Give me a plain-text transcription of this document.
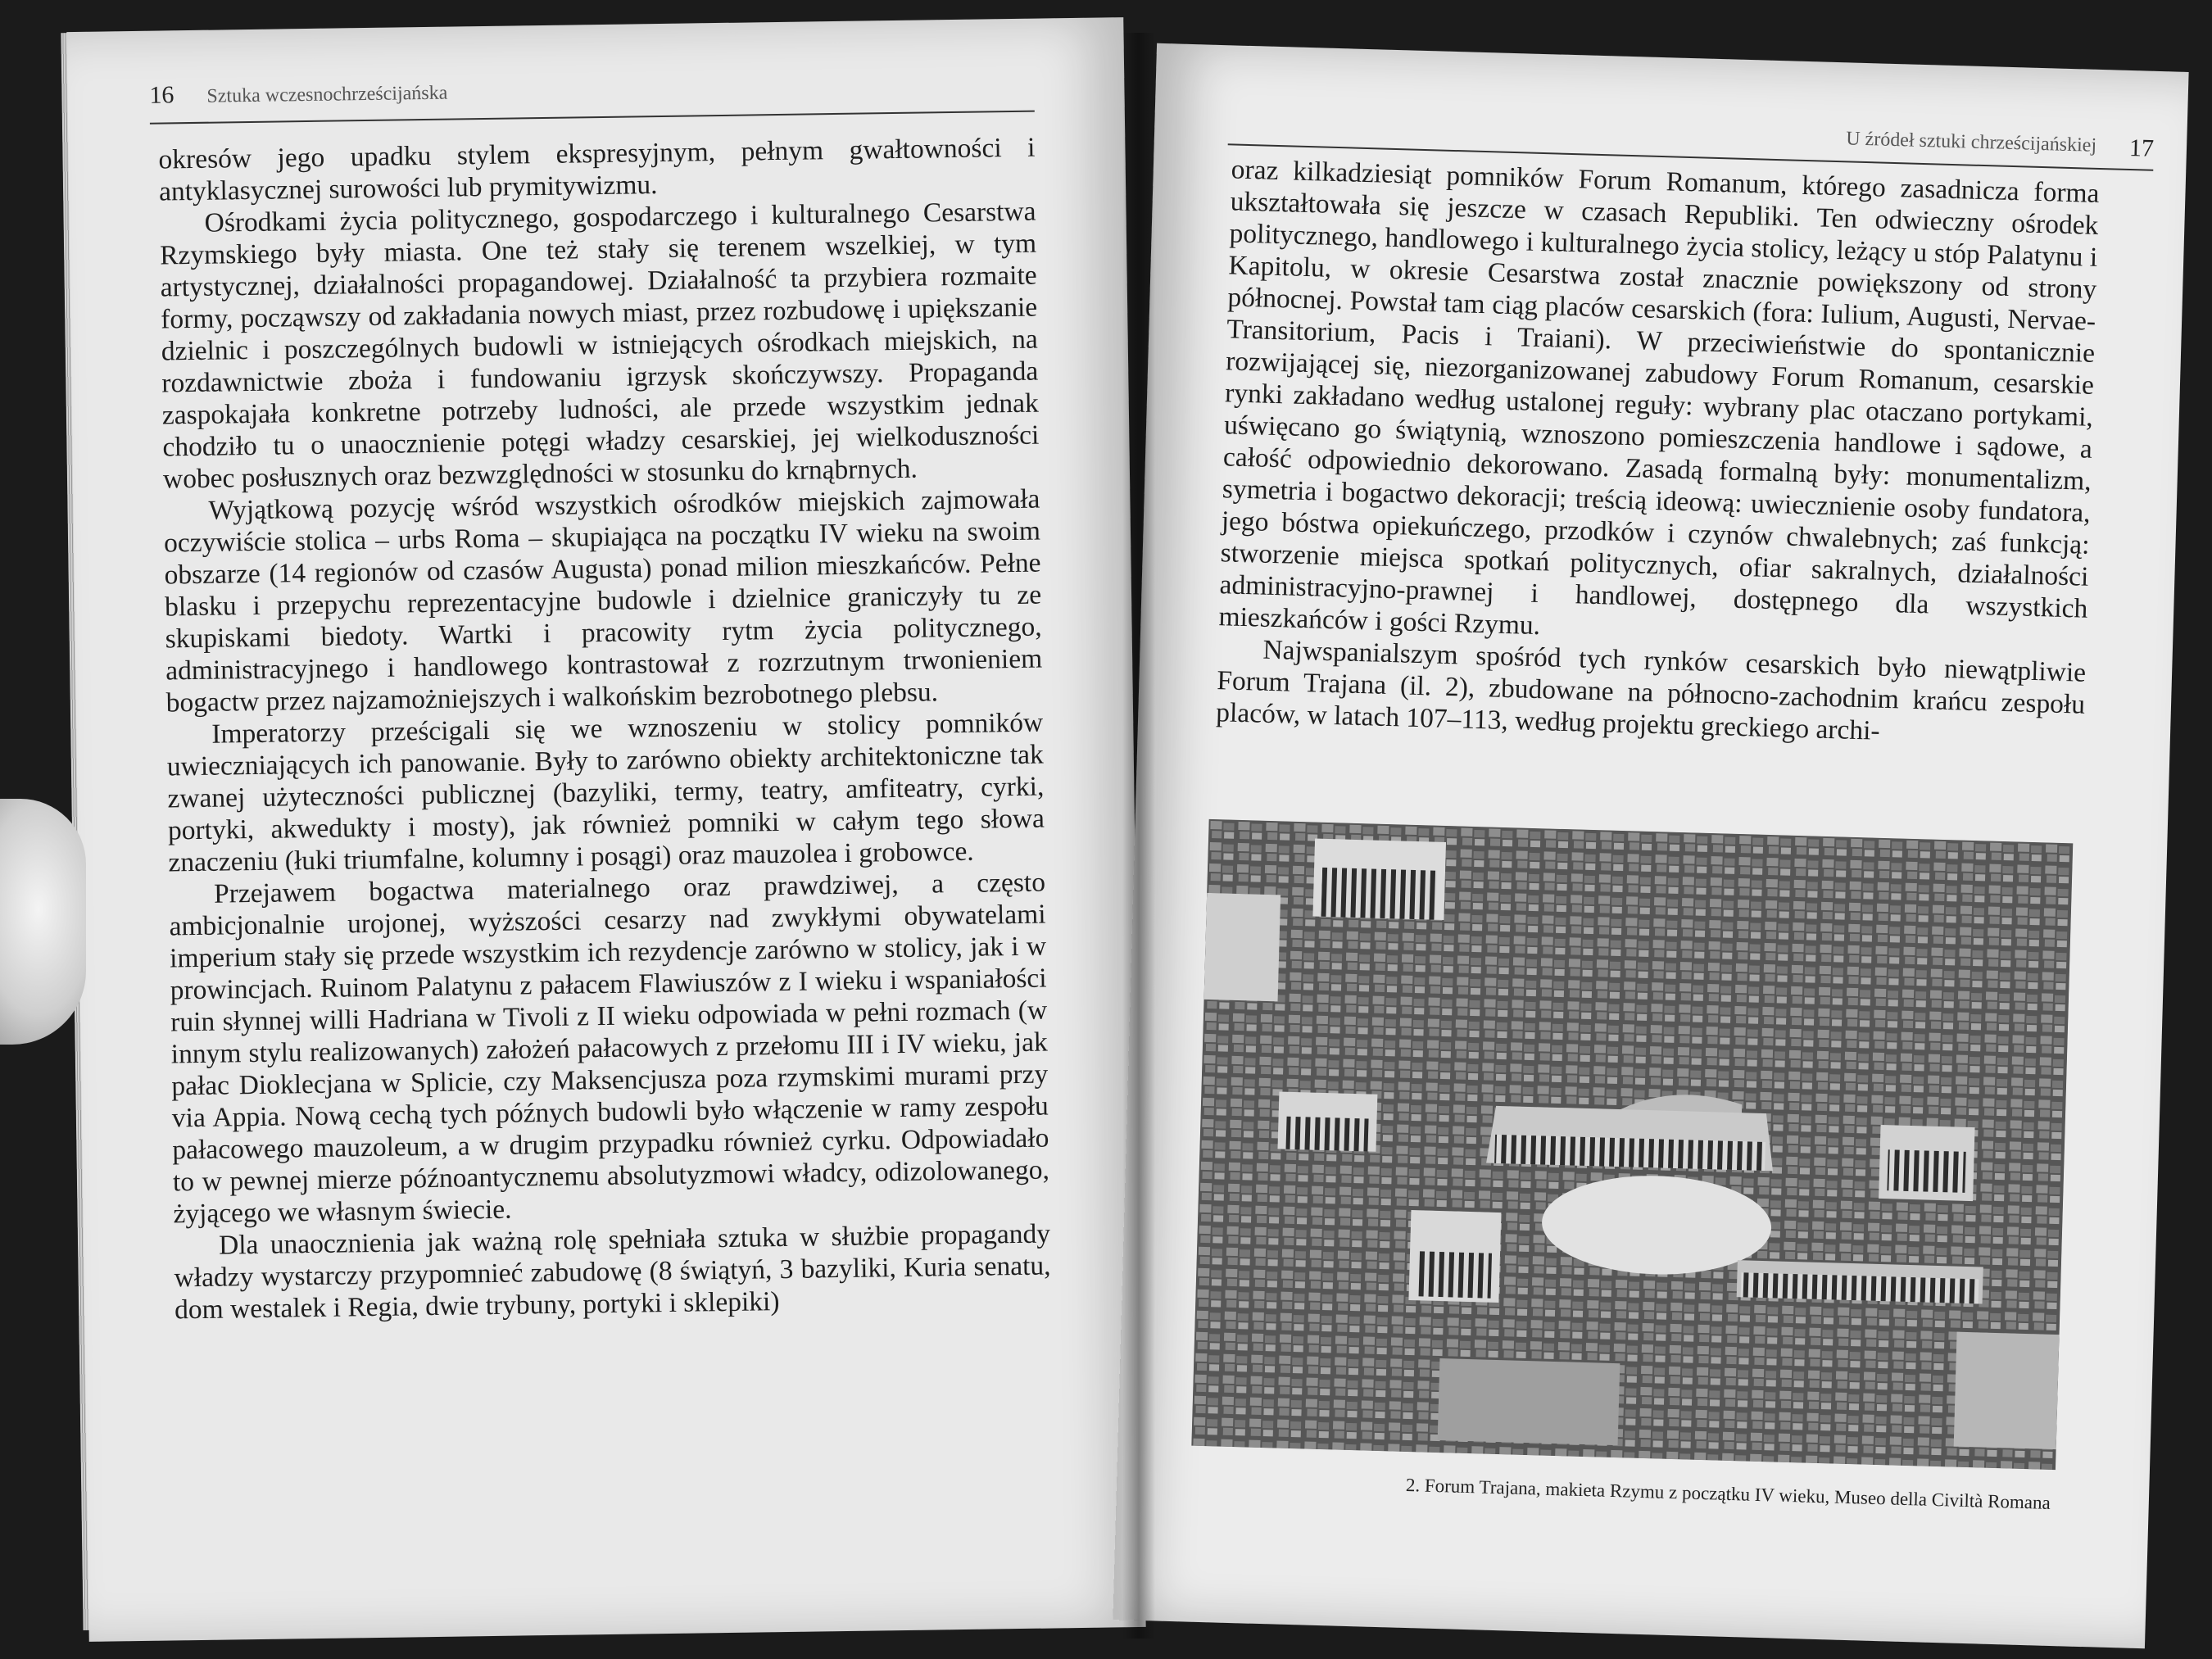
16 Sztuka wczesnochrześcijańska

okresów jego upadku stylem ekspresyjnym, pełnym gwałtowności i antyklasycznej surowości lub prymitywizmu.

Ośrodkami życia politycznego, gospodarczego i kulturalnego Cesarstwa Rzymskiego były miasta. One też stały się terenem wszelkiej, w tym artystycznej, działalności propagandowej. Działalność ta przybiera rozmaite formy, począwszy od zakładania nowych miast, przez rozbudowę i upiększanie dzielnic i poszczególnych budowli w istniejących ośrodkach miejskich, na rozdawnictwie zboża i fundowaniu igrzysk skończywszy. Propaganda zaspokajała konkretne potrzeby ludności, ale przede wszystkim jednak chodziło tu o unaocznienie potęgi władzy cesarskiej, jej wielkoduszności wobec posłusznych oraz bezwzględności w stosunku do krnąbrnych.

Wyjątkową pozycję wśród wszystkich ośrodków miejskich zajmowała oczywiście stolica – urbs Roma – skupiająca na początku IV wieku na swoim obszarze (14 regionów od czasów Augusta) ponad milion mieszkańców. Pełne blasku i przepychu reprezentacyjne budowle i dzielnice graniczyły tu ze skupiskami biedoty. Wartki i pracowity rytm życia politycznego, administracyjnego i handlowego kontrastował z rozrzutnym trwonieniem bogactw przez najzamożniejszych i walkońskim bezrobotnego plebsu.

Imperatorzy prześcigali się we wznoszeniu w stolicy pomników uwieczniających ich panowanie. Były to zarówno obiekty architektoniczne tak zwanej użyteczności publicznej (bazyliki, termy, teatry, amfiteatry, cyrki, portyki, akwedukty i mosty), jak również pomniki w całym tego słowa znaczeniu (łuki triumfalne, kolumny i posągi) oraz mauzolea i grobowce.

Przejawem bogactwa materialnego oraz prawdziwej, a często ambicjonalnie urojonej, wyższości cesarzy nad zwykłymi obywatelami imperium stały się przede wszystkim ich rezydencje zarówno w stolicy, jak i w prowincjach. Ruinom Palatynu z pałacem Flawiuszów z I wieku i wspaniałości ruin słynnej willi Hadriana w Tivoli z II wieku odpowiada w pełni rozmach (w innym stylu realizowanych) założeń pałacowych z przełomu III i IV wieku, jak pałac Dioklecjana w Splicie, czy Maksencjusza poza rzymskimi murami przy via Appia. Nową cechą tych późnych budowli było włączenie w ramy zespołu pałacowego mauzoleum, a w drugim przypadku również cyrku. Odpowiadało to w pewnej mierze późnoantycznemu absolutyzmowi władcy, odizolowanego, żyjącego we własnym świecie.

Dla unaocznienia jak ważną rolę spełniała sztuka w służbie propagandy władzy wystarczy przypomnieć zabudowę (8 świątyń, 3 bazyliki, Kuria senatu, dom westalek i Regia, dwie trybuny, portyki i sklepiki)

U źródeł sztuki chrześcijańskiej 17

oraz kilkadziesiąt pomników Forum Romanum, którego zasadnicza forma ukształtowała się jeszcze w czasach Republiki. Ten odwieczny ośrodek politycznego, handlowego i kulturalnego życia stolicy, leżący u stóp Palatynu i Kapitolu, w okresie Cesarstwa został znacznie powiększony od strony północnej. Powstał tam ciąg placów cesarskich (fora: Iulium, Augusti, Nervae-Transitorium, Pacis i Traiani). W przeciwieństwie do spontanicznie rozwijającej się, niezorganizowanej zabudowy Forum Romanum, cesarskie rynki zakładano według ustalonej reguły: wybrany plac otaczano portykami, uświęcano go świątynią, wznoszono pomieszczenia handlowe i sądowe, a całość odpowiednio dekorowano. Zasadą formalną były: monumentalizm, symetria i bogactwo dekoracji; treścią ideową: uwiecznienie osoby fundatora, jego bóstwa opiekuńczego, przodków i czynów chwalebnych; zaś funkcją: stworzenie miejsca spotkań politycznych, ofiar sakralnych, działalności administracyjno-prawnej i handlowej, dostępnego dla wszystkich mieszkańców i gości Rzymu.

Najwspanialszym spośród tych rynków cesarskich było niewątpliwie Forum Trajana (il. 2), zbudowane na północno-zachodnim krańcu zespołu placów, w latach 107–113, według projektu greckiego archi-

2. Forum Trajana, makieta Rzymu z początku IV wieku, Museo della Civiltà Romana
